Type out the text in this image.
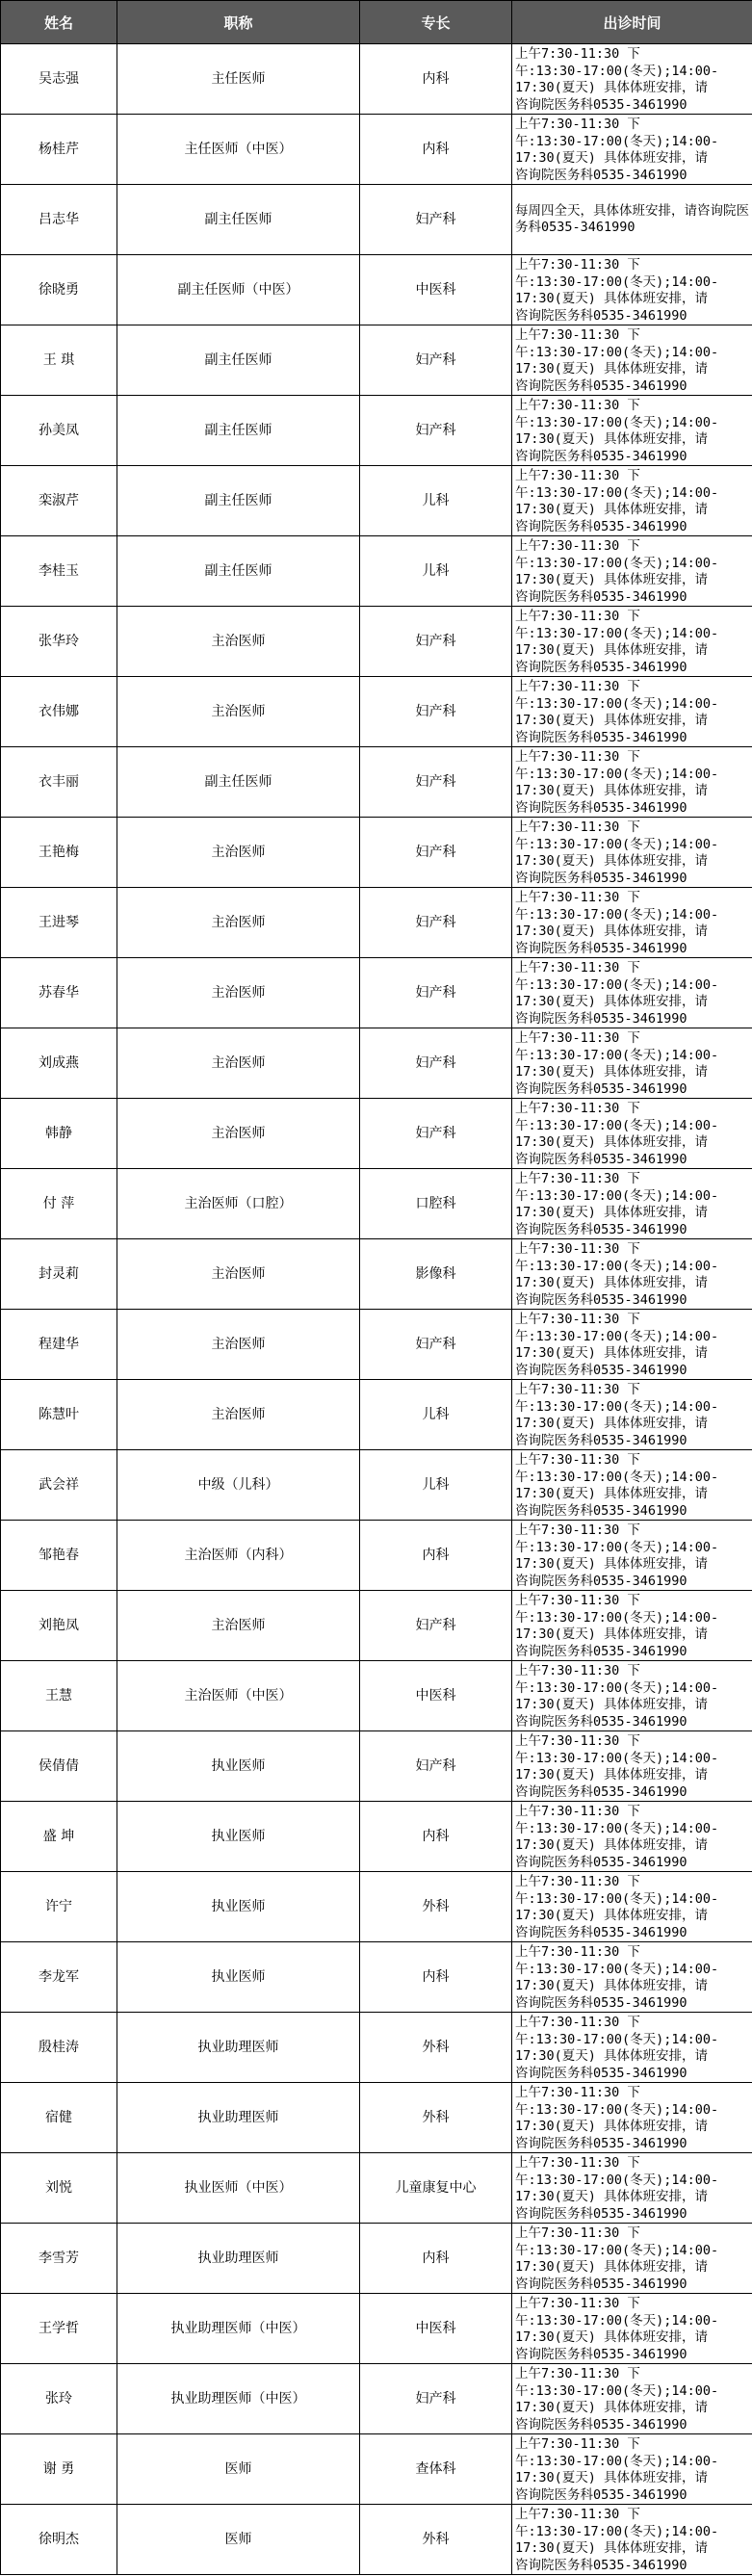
姓名	职称	专长	出诊时间
吴志强	主任医师	内科	上午7:30-11:30 下
午:13:30-17:00(冬天);14:00-
17:30(夏天) 具体体班安排，请
咨询院医务科0535-3461990
杨桂芹	主任医师（中医）	内科	上午7:30-11:30 下
午:13:30-17:00(冬天);14:00-
17:30(夏天) 具体体班安排，请
咨询院医务科0535-3461990
吕志华	副主任医师	妇产科	每周四全天，具体体班安排，请咨询院医务科0535-3461990
徐晓勇	副主任医师（中医）	中医科	上午7:30-11:30 下
午:13:30-17:00(冬天);14:00-
17:30(夏天) 具体体班安排，请
咨询院医务科0535-3461990
王 琪	副主任医师	妇产科	上午7:30-11:30 下
午:13:30-17:00(冬天);14:00-
17:30(夏天) 具体体班安排，请
咨询院医务科0535-3461990
孙美凤	副主任医师	妇产科	上午7:30-11:30 下
午:13:30-17:00(冬天);14:00-
17:30(夏天) 具体体班安排，请
咨询院医务科0535-3461990
栾淑芹	副主任医师	儿科	上午7:30-11:30 下
午:13:30-17:00(冬天);14:00-
17:30(夏天) 具体体班安排，请
咨询院医务科0535-3461990
李桂玉	副主任医师	儿科	上午7:30-11:30 下
午:13:30-17:00(冬天);14:00-
17:30(夏天) 具体体班安排，请
咨询院医务科0535-3461990
张华玲	主治医师	妇产科	上午7:30-11:30 下
午:13:30-17:00(冬天);14:00-
17:30(夏天) 具体体班安排，请
咨询院医务科0535-3461990
衣伟娜	主治医师	妇产科	上午7:30-11:30 下
午:13:30-17:00(冬天);14:00-
17:30(夏天) 具体体班安排，请
咨询院医务科0535-3461990
衣丰丽	副主任医师	妇产科	上午7:30-11:30 下
午:13:30-17:00(冬天);14:00-
17:30(夏天) 具体体班安排，请
咨询院医务科0535-3461990
王艳梅	主治医师	妇产科	上午7:30-11:30 下
午:13:30-17:00(冬天);14:00-
17:30(夏天) 具体体班安排，请
咨询院医务科0535-3461990
王进琴	主治医师	妇产科	上午7:30-11:30 下
午:13:30-17:00(冬天);14:00-
17:30(夏天) 具体体班安排，请
咨询院医务科0535-3461990
苏春华	主治医师	妇产科	上午7:30-11:30 下
午:13:30-17:00(冬天);14:00-
17:30(夏天) 具体体班安排，请
咨询院医务科0535-3461990
刘成燕	主治医师	妇产科	上午7:30-11:30 下
午:13:30-17:00(冬天);14:00-
17:30(夏天) 具体体班安排，请
咨询院医务科0535-3461990
韩静	主治医师	妇产科	上午7:30-11:30 下
午:13:30-17:00(冬天);14:00-
17:30(夏天) 具体体班安排，请
咨询院医务科0535-3461990
付 萍	主治医师（口腔）	口腔科	上午7:30-11:30 下
午:13:30-17:00(冬天);14:00-
17:30(夏天) 具体体班安排，请
咨询院医务科0535-3461990
封灵莉	主治医师	影像科	上午7:30-11:30 下
午:13:30-17:00(冬天);14:00-
17:30(夏天) 具体体班安排，请
咨询院医务科0535-3461990
程建华	主治医师	妇产科	上午7:30-11:30 下
午:13:30-17:00(冬天);14:00-
17:30(夏天) 具体体班安排，请
咨询院医务科0535-3461990
陈慧叶	主治医师	儿科	上午7:30-11:30 下
午:13:30-17:00(冬天);14:00-
17:30(夏天) 具体体班安排，请
咨询院医务科0535-3461990
武会祥	中级（儿科）	儿科	上午7:30-11:30 下
午:13:30-17:00(冬天);14:00-
17:30(夏天) 具体体班安排，请
咨询院医务科0535-3461990
邹艳春	主治医师（内科）	内科	上午7:30-11:30 下
午:13:30-17:00(冬天);14:00-
17:30(夏天) 具体体班安排，请
咨询院医务科0535-3461990
刘艳凤	主治医师	妇产科	上午7:30-11:30 下
午:13:30-17:00(冬天);14:00-
17:30(夏天) 具体体班安排，请
咨询院医务科0535-3461990
王慧	主治医师（中医）	中医科	上午7:30-11:30 下
午:13:30-17:00(冬天);14:00-
17:30(夏天) 具体体班安排，请
咨询院医务科0535-3461990
侯倩倩	执业医师	妇产科	上午7:30-11:30 下
午:13:30-17:00(冬天);14:00-
17:30(夏天) 具体体班安排，请
咨询院医务科0535-3461990
盛 坤	执业医师	内科	上午7:30-11:30 下
午:13:30-17:00(冬天);14:00-
17:30(夏天) 具体体班安排，请
咨询院医务科0535-3461990
许宁	执业医师	外科	上午7:30-11:30 下
午:13:30-17:00(冬天);14:00-
17:30(夏天) 具体体班安排，请
咨询院医务科0535-3461990
李龙军	执业医师	内科	上午7:30-11:30 下
午:13:30-17:00(冬天);14:00-
17:30(夏天) 具体体班安排，请
咨询院医务科0535-3461990
殷桂涛	执业助理医师	外科	上午7:30-11:30 下
午:13:30-17:00(冬天);14:00-
17:30(夏天) 具体体班安排，请
咨询院医务科0535-3461990
宿健	执业助理医师	外科	上午7:30-11:30 下
午:13:30-17:00(冬天);14:00-
17:30(夏天) 具体体班安排，请
咨询院医务科0535-3461990
刘悦	执业医师（中医）	儿童康复中心	上午7:30-11:30 下
午:13:30-17:00(冬天);14:00-
17:30(夏天) 具体体班安排，请
咨询院医务科0535-3461990
李雪芳	执业助理医师	内科	上午7:30-11:30 下
午:13:30-17:00(冬天);14:00-
17:30(夏天) 具体体班安排，请
咨询院医务科0535-3461990
王学哲	执业助理医师（中医）	中医科	上午7:30-11:30 下
午:13:30-17:00(冬天);14:00-
17:30(夏天) 具体体班安排，请
咨询院医务科0535-3461990
张玲	执业助理医师（中医）	妇产科	上午7:30-11:30 下
午:13:30-17:00(冬天);14:00-
17:30(夏天) 具体体班安排，请
咨询院医务科0535-3461990
谢 勇	医师	查体科	上午7:30-11:30 下
午:13:30-17:00(冬天);14:00-
17:30(夏天) 具体体班安排，请
咨询院医务科0535-3461990
徐明杰	医师	外科	上午7:30-11:30 下
午:13:30-17:00(冬天);14:00-
17:30(夏天) 具体体班安排，请
咨询院医务科0535-3461990
